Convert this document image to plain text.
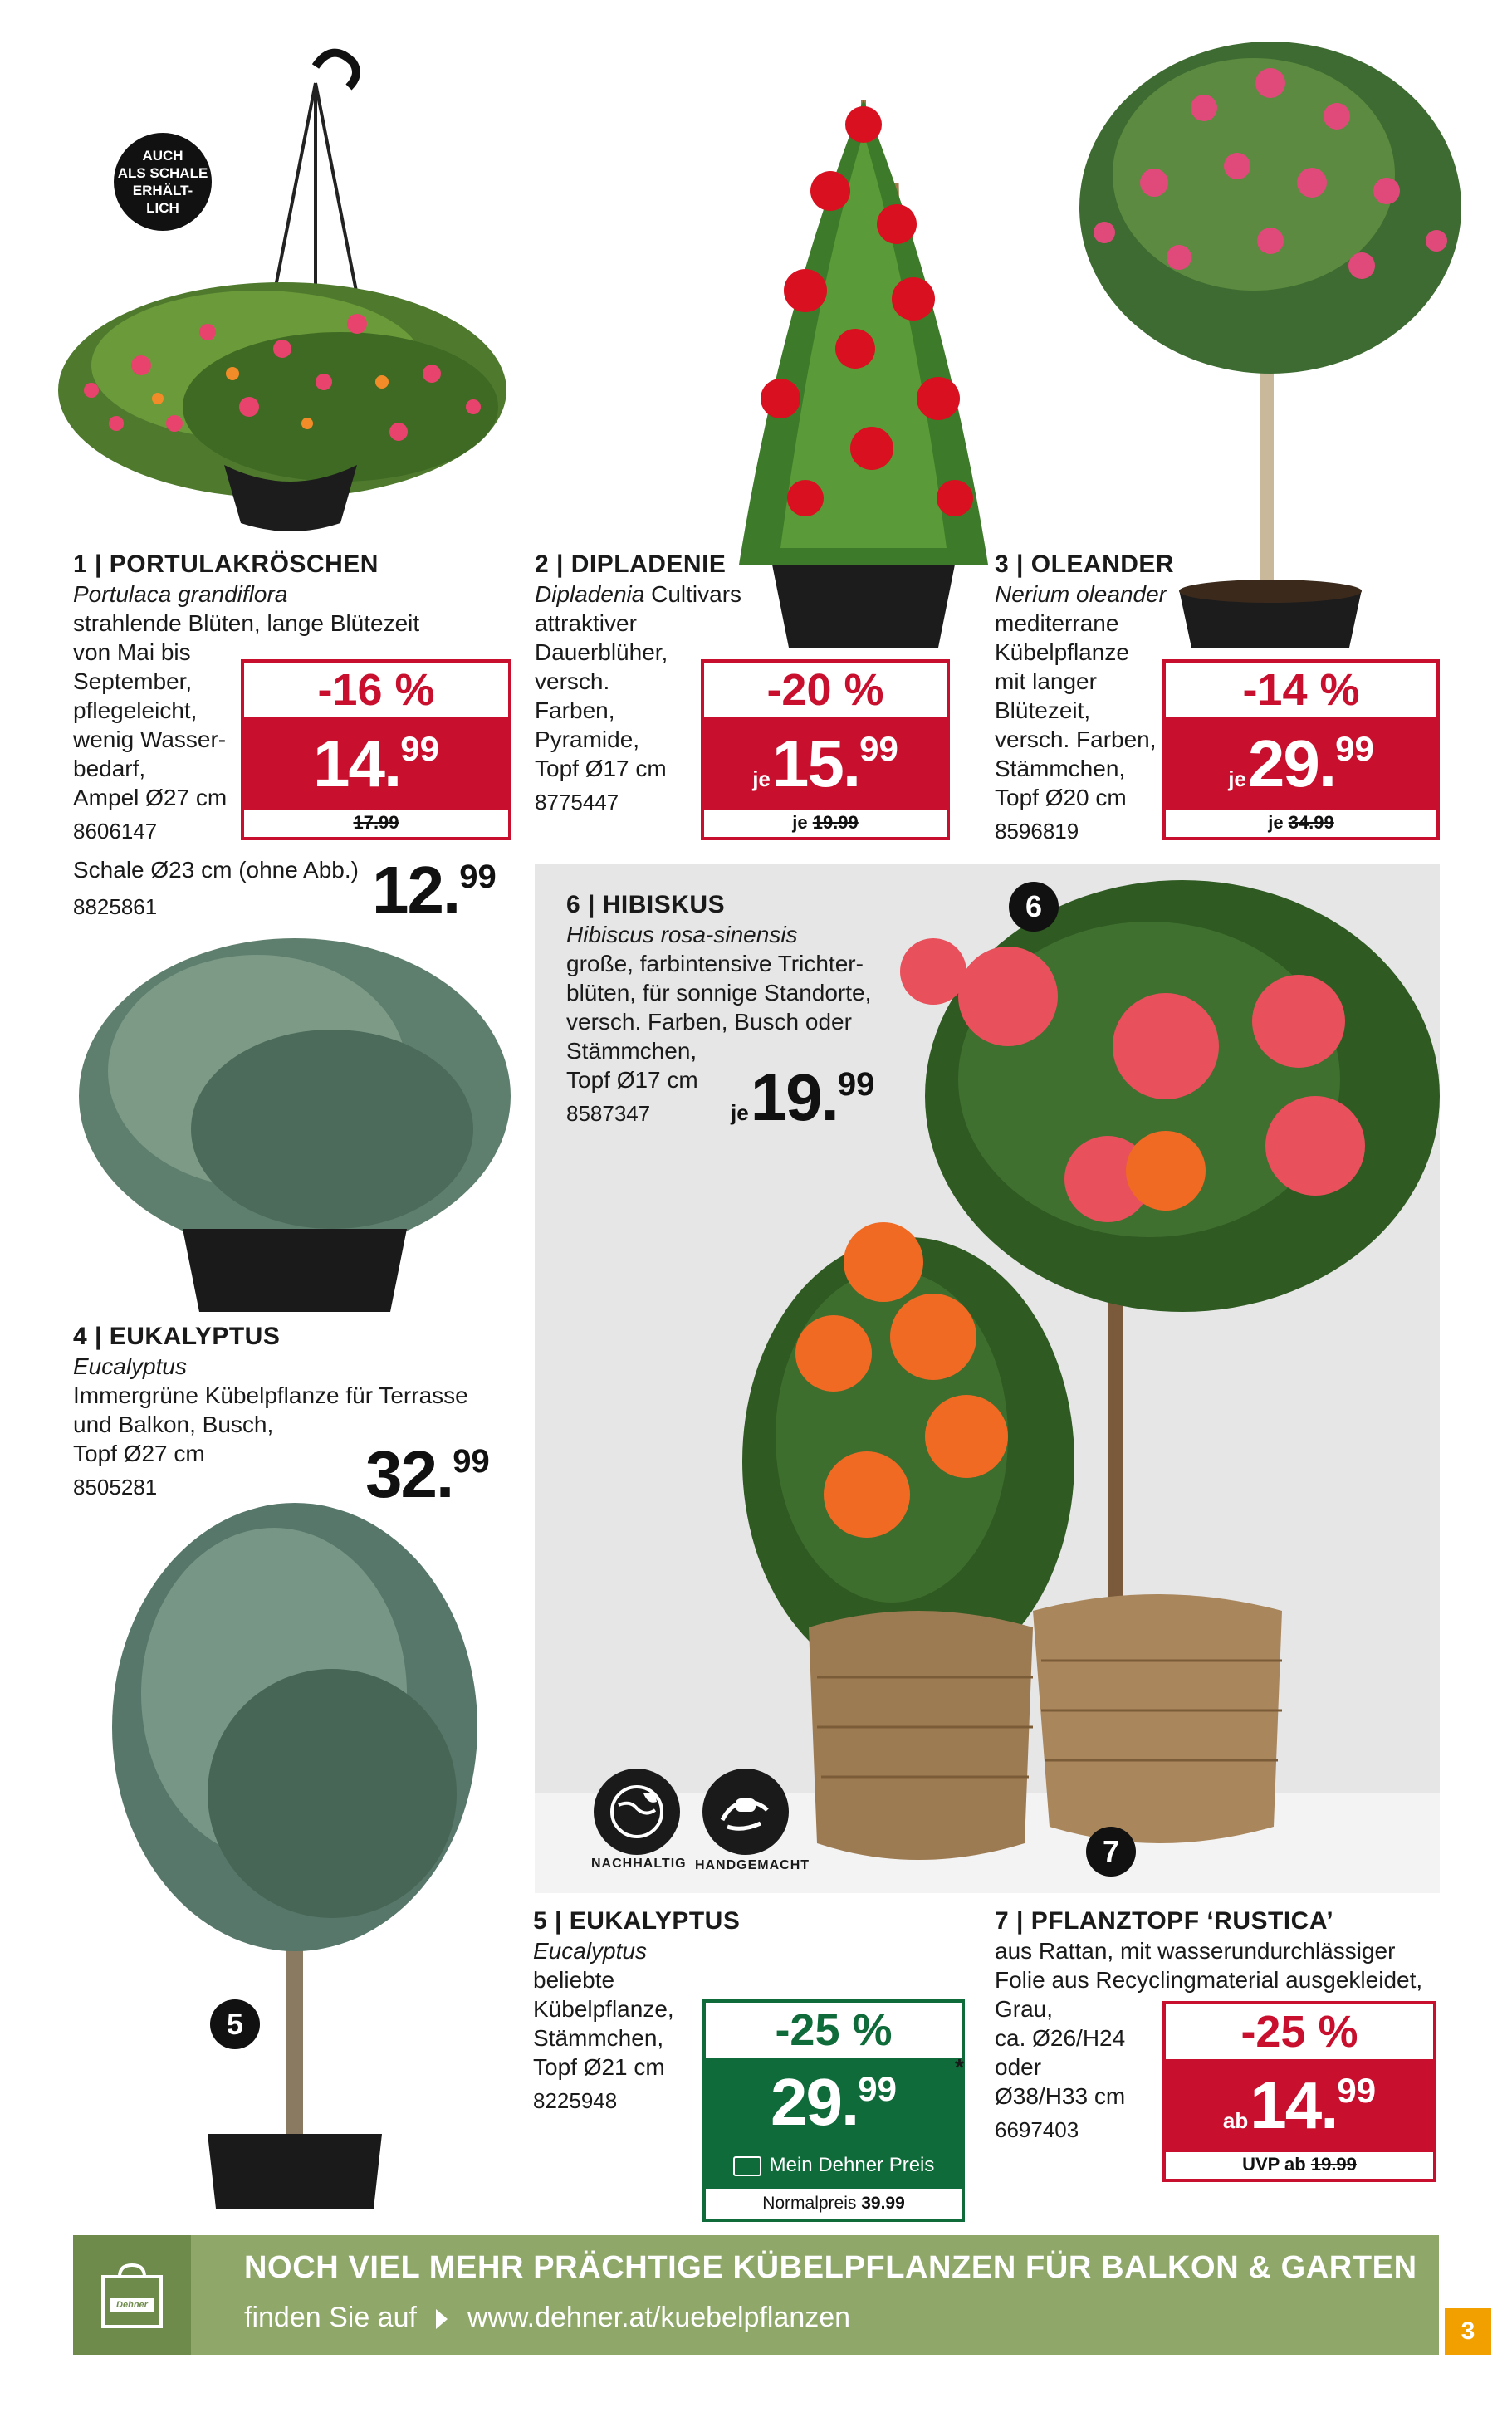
AUCH
ALS SCHALE
ERHÄLT-
LICH
1 | PORTULAKRÖSCHEN
Portulaca grandiflora
strahlende Blüten, lange Blütezeit
von Mai bis
September,
pflegeleicht,
wenig Wasser-
bedarf,
Ampel Ø27 cm
8606147
-16 %
14.99
17.99
Schale Ø23 cm (ohne Abb.)
8825861	12.99
2 | DIPLADENIE
Dipladenia Cultivars
attraktiver
Dauerblüher,
versch.
Farben,
Pyramide,
Topf Ø17 cm
8775447
-20 %
je15.99
je 19.99
3 | OLEANDER
Nerium oleander
mediterrane
Kübelpflanze
mit langer
Blütezeit,
versch. Farben,
Stämmchen,
Topf Ø20 cm
8596819
-14 %
je29.99
je 34.99
6
6 | HIBISKUS
Hibiscus rosa-sinensis
große, farbintensive Trichter-
blüten, für sonnige Standorte,
versch. Farben, Busch oder
Stämmchen,
Topf Ø17 cm
8587347	je19.99
4 | EUKALYPTUS
Eucalyptus
Immergrüne Kübelpflanze für Terrasse
und Balkon, Busch,
Topf Ø27 cm
8505281	32.99
NACHHALTIG HANDGEMACHT	7
5
5 | EUKALYPTUS
Eucalyptus
beliebte Kübelpflanze,
Stämmchen,
Topf Ø21 cm
8225948
-25 %
29.99
Mein Dehner Preis
Normalpreis 39.99
*
7 | PFLANZTOPF ‘RUSTICA’
aus Rattan, mit wasserundurchlässiger
Folie aus Recyclingmaterial ausgekleidet,
Grau,
ca. Ø26/H24
oder
Ø38/H33 cm
6697403
-25 %
ab14.99
UVP ab 19.99
Dehner
NOCH VIEL MEHR PRÄCHTIGE KÜBELPFLANZEN FÜR BALKON & GARTEN
finden Sie auf www.dehner.at/kuebelpflanzen	3
